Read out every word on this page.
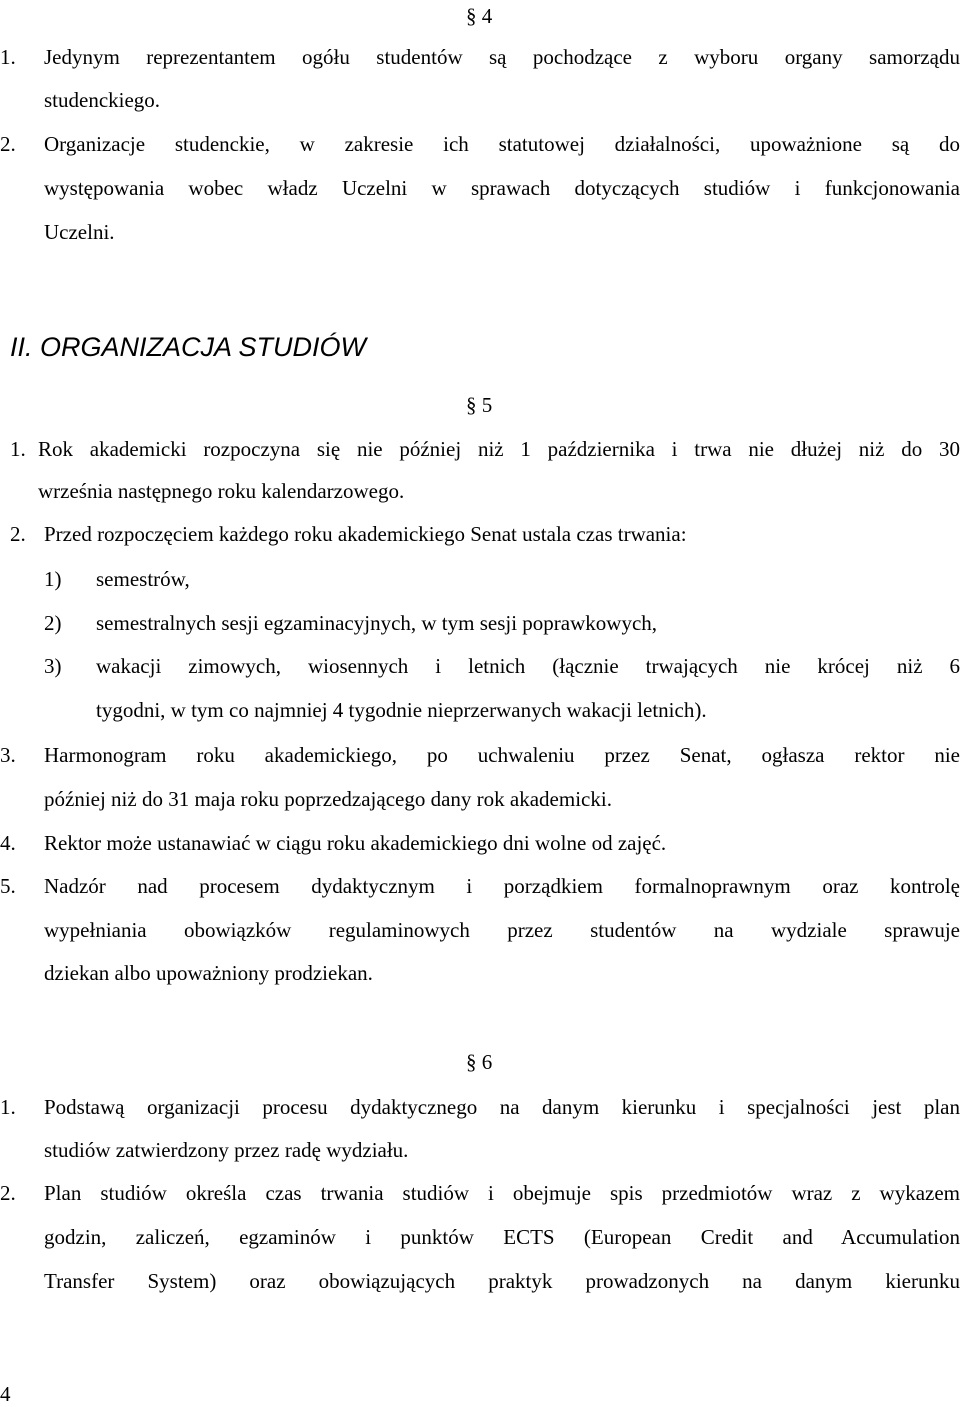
§ 4
1. Jedynym reprezentantem ogółu studentów są pochodzące z wyboru organy samorządu
studenckiego.
2. Organizacje studenckie, w zakresie ich statutowej działalności, upoważnione są do
występowania wobec władz Uczelni w sprawach dotyczących studiów i funkcjonowania
Uczelni.
II. ORGANIZACJA STUDIÓW
§ 5
1. Rok akademicki rozpoczyna się nie później niż 1 października i trwa nie dłużej niż do 30
września następnego roku kalendarzowego.
2. Przed rozpoczęciem każdego roku akademickiego Senat ustala czas trwania:
1) semestrów,
2) semestralnych sesji egzaminacyjnych, w tym sesji poprawkowych,
3) wakacji zimowych, wiosennych i letnich (łącznie trwających nie krócej niż 6
tygodni, w tym co najmniej 4 tygodnie nieprzerwanych wakacji letnich).
3. Harmonogram roku akademickiego, po uchwaleniu przez Senat, ogłasza rektor nie
później niż do 31 maja roku poprzedzającego dany rok akademicki.
4. Rektor może ustanawiać w ciągu roku akademickiego dni wolne od zajęć.
5. Nadzór nad procesem dydaktycznym i porządkiem formalnoprawnym oraz kontrolę
wypełniania obowiązków regulaminowych przez studentów na wydziale sprawuje
dziekan albo upoważniony prodziekan.
§ 6
1. Podstawą organizacji procesu dydaktycznego na danym kierunku i specjalności jest plan
studiów zatwierdzony przez radę wydziału.
2. Plan studiów określa czas trwania studiów i obejmuje spis przedmiotów wraz z wykazem
godzin, zaliczeń, egzaminów i punktów ECTS (European Credit and Accumulation
Transfer System) oraz obowiązujących praktyk prowadzonych na danym kierunku
4
